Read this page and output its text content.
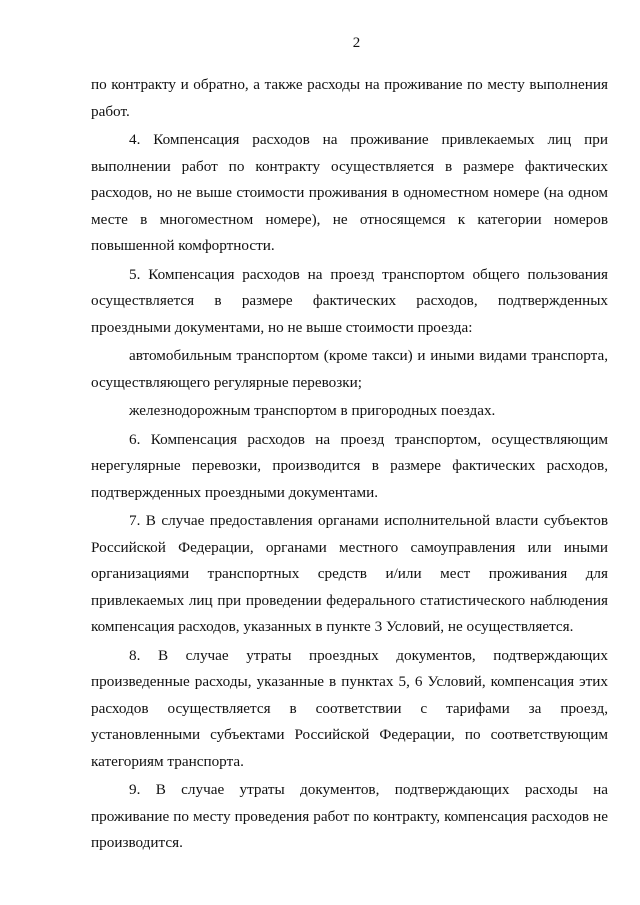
2

по контракту и обратно, а также расходы на проживание по месту выполнения работ.

4. Компенсация расходов на проживание привлекаемых лиц при выполнении работ по контракту осуществляется в размере фактических расходов, но не выше стоимости проживания в одноместном номере (на одном месте в многоместном номере), не относящемся к категории номеров повышенной комфортности.

5. Компенсация расходов на проезд транспортом общего пользования осуществляется в размере фактических расходов, подтвержденных проездными документами, но не выше стоимости проезда:

автомобильным транспортом (кроме такси) и иными видами транспорта, осуществляющего регулярные перевозки;

железнодорожным транспортом в пригородных поездах.

6. Компенсация расходов на проезд транспортом, осуществляющим нерегулярные перевозки, производится в размере фактических расходов, подтвержденных проездными документами.

7. В случае предоставления органами исполнительной власти субъектов Российской Федерации, органами местного самоуправления или иными организациями транспортных средств и/или мест проживания для привлекаемых лиц при проведении федерального статистического наблюдения компенсация расходов, указанных в пункте 3 Условий, не осуществляется.

8. В случае утраты проездных документов, подтверждающих произведенные расходы, указанные в пунктах 5, 6 Условий, компенсация этих расходов осуществляется в соответствии с тарифами за проезд, установленными субъектами Российской Федерации, по соответствующим категориям транспорта.

9. В случае утраты документов, подтверждающих расходы на проживание по месту проведения работ по контракту, компенсация расходов не производится.
